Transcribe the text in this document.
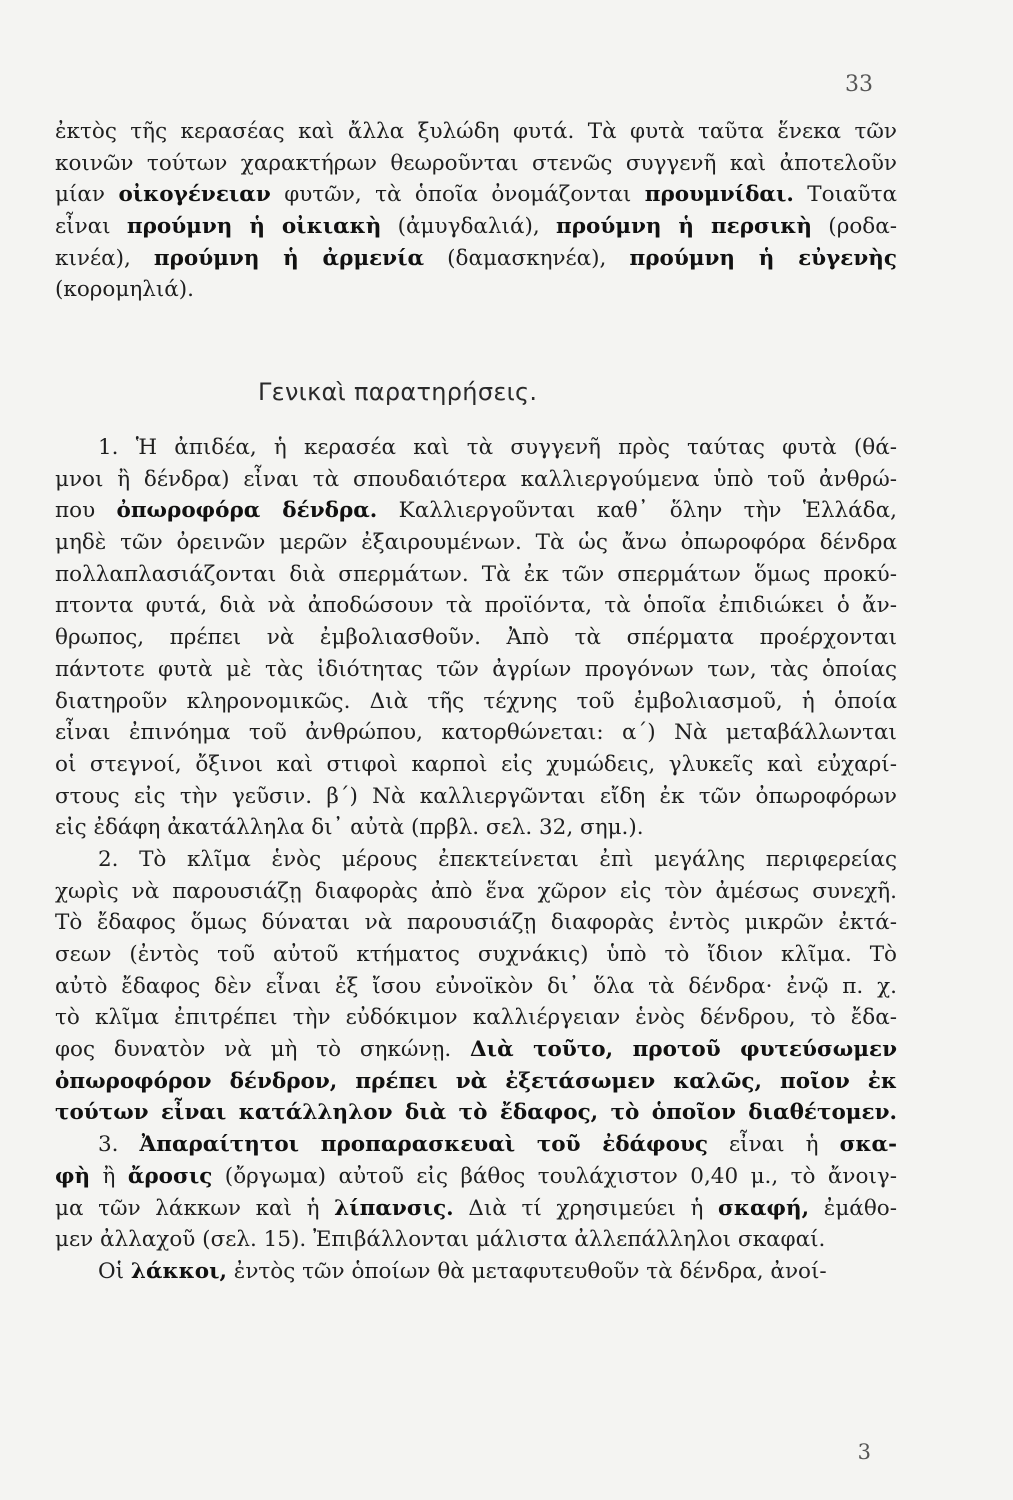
33
ἐκτὸς τῆς κερασέας καὶ ἄλλα ξυλώδη φυτά. Τὰ φυτὰ ταῦτα ἕνεκα τῶν
κοινῶν τούτων χαρακτήρων θεωροῦνται στενῶς συγγενῆ καὶ ἀποτελοῦν
μίαν οἰκογένειαν φυτῶν, τὰ ὁποῖα ὀνομάζονται προυμνίδαι. Τοιαῦτα
εἶναι προύμνη ἡ οἰκιακὴ (ἀμυγδαλιά), προύμνη ἡ περσικὴ (ροδα-
κινέα), προύμνη ἡ ἀρμενία (δαμασκηνέα), προύμνη ἡ εὐγενὴς
(κορομηλιά).
Γενικαὶ παρατηρήσεις.
  1. Ἡ ἀπιδέα, ἡ κερασέα καὶ τὰ συγγενῆ πρὸς ταύτας φυτὰ (θά-
μνοι ἢ δένδρα) εἶναι τὰ σπουδαιότερα καλλιεργούμενα ὑπὸ τοῦ ἀνθρώ-
που ὀπωροφόρα δένδρα. Καλλιεργοῦνται καθ᾽ ὅλην τὴν Ἑλλάδα,
μηδὲ τῶν ὀρεινῶν μερῶν ἐξαιρουμένων. Τὰ ὡς ἄνω ὀπωροφόρα δένδρα
πολλαπλασιάζονται διὰ σπερμάτων. Τὰ ἐκ τῶν σπερμάτων ὅμως προκύ-
πτοντα φυτά, διὰ νὰ ἀποδώσουν τὰ προϊόντα, τὰ ὁποῖα ἐπιδιώκει ὁ ἄν-
θρωπος, πρέπει νὰ ἐμβολιασθοῦν. Ἀπὸ τὰ σπέρματα προέρχονται
πάντοτε φυτὰ μὲ τὰς ἰδιότητας τῶν ἀγρίων προγόνων των, τὰς ὁποίας
διατηροῦν κληρονομικῶς. Διὰ τῆς τέχνης τοῦ ἐμβολιασμοῦ, ἡ ὁποία
εἶναι ἐπινόημα τοῦ ἀνθρώπου, κατορθώνεται: α΄) Νὰ μεταβάλλωνται
οἱ στεγνοί, ὄξινοι καὶ στιφοὶ καρποὶ εἰς χυμώδεις, γλυκεῖς καὶ εὐχαρί-
στους εἰς τὴν γεῦσιν. β΄) Νὰ καλλιεργῶνται εἴδη ἐκ τῶν ὀπωροφόρων
εἰς ἐδάφη ἀκατάλληλα δι᾽ αὐτὰ (πρβλ. σελ. 32, σημ.).
  2. Τὸ κλῖμα ἑνὸς μέρους ἐπεκτείνεται ἐπὶ μεγάλης περιφερείας
χωρὶς νὰ παρουσιάζῃ διαφορὰς ἀπὸ ἕνα χῶρον εἰς τὸν ἀμέσως συνεχῆ.
Τὸ ἔδαφος ὅμως δύναται νὰ παρουσιάζῃ διαφορὰς ἐντὸς μικρῶν ἐκτά-
σεων (ἐντὸς τοῦ αὐτοῦ κτήματος συχνάκις) ὑπὸ τὸ ἴδιον κλῖμα. Τὸ
αὐτὸ ἔδαφος δὲν εἶναι ἐξ ἴσου εὐνοϊκὸν δι᾽ ὅλα τὰ δένδρα· ἐνῷ π. χ.
τὸ κλῖμα ἐπιτρέπει τὴν εὐδόκιμον καλλιέργειαν ἑνὸς δένδρου, τὸ ἔδα-
φος δυνατὸν νὰ μὴ τὸ σηκώνῃ. Διὰ τοῦτο, προτοῦ φυτεύσωμεν
ὀπωροφόρον δένδρον, πρέπει νὰ ἐξετάσωμεν καλῶς, ποῖον ἐκ
τούτων εἶναι κατάλληλον διὰ τὸ ἔδαφος, τὸ ὁποῖον διαθέτομεν.
  3. Ἀπαραίτητοι προπαρασκευαὶ τοῦ ἐδάφους εἶναι ἡ σκα-
φὴ ἢ ἄροσις (ὄργωμα) αὐτοῦ εἰς βάθος τουλάχιστον 0,40 μ., τὸ ἄνοιγ-
μα τῶν λάκκων καὶ ἡ λίπανσις. Διὰ τί χρησιμεύει ἡ σκαφή, ἐμάθο-
μεν ἀλλαχοῦ (σελ. 15). Ἐπιβάλλονται μάλιστα ἀλλεπάλληλοι σκαφαί.
  Οἱ λάκκοι, ἐντὸς τῶν ὁποίων θὰ μεταφυτευθοῦν τὰ δένδρα, ἀνοί-
3
